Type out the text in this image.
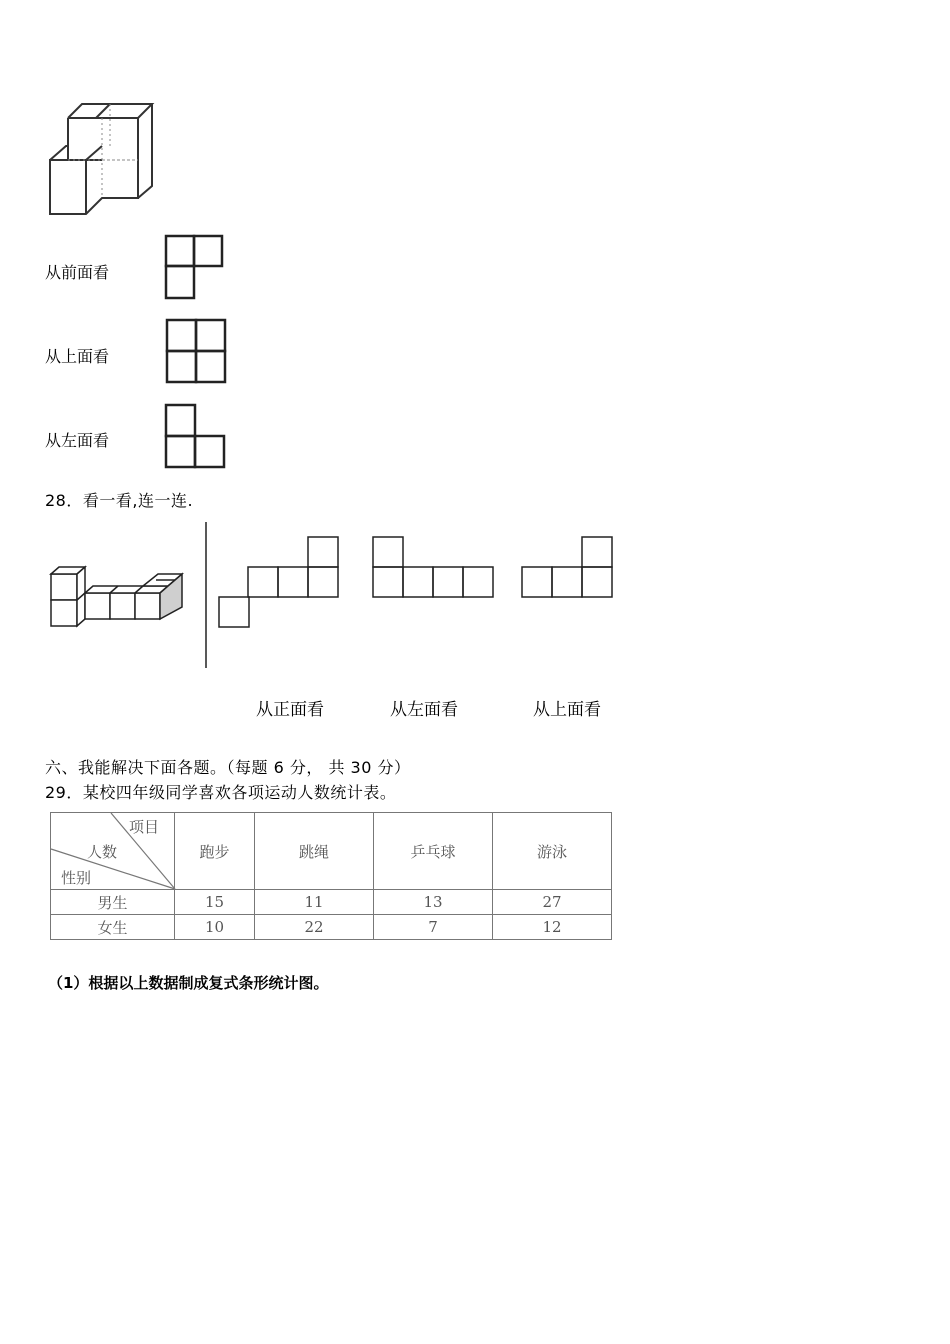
从前面看
从上面看
从左面看
28．看一看,连一连.
从正面看	从左面看	从上面看
六、我能解决下面各题。（每题 6 分， 共 30 分）
29．某校四年级同学喜欢各项运动人数统计表。
项目
人数
性别	跑步	跳绳	乒乓球	游泳
男生	15	11	13	27
女生	10	22	7	12
（1）根据以上数据制成复式条形统计图。
